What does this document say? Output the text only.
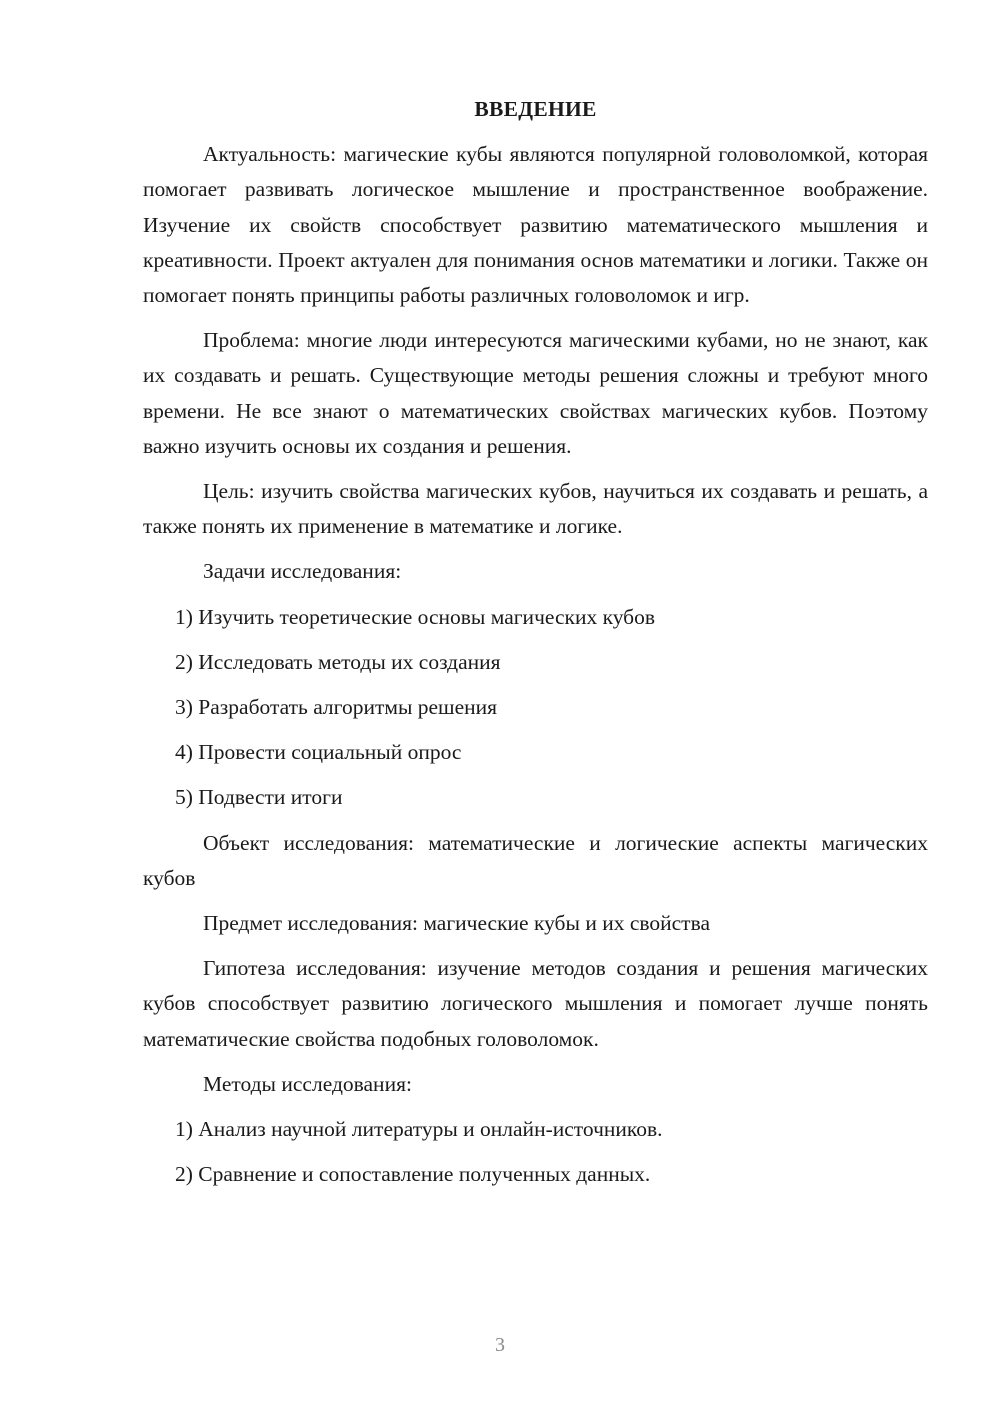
ВВЕДЕНИЕ

Актуальность: магические кубы являются популярной головоломкой, которая помогает развивать логическое мышление и пространственное воображение. Изучение их свойств способствует развитию математического мышления и креативности. Проект актуален для понимания основ математики и логики. Также он помогает понять принципы работы различных головоломок и игр.

Проблема: многие люди интересуются магическими кубами, но не знают, как их создавать и решать. Существующие методы решения сложны и требуют много времени. Не все знают о математических свойствах магических кубов. Поэтому важно изучить основы их создания и решения.

Цель: изучить свойства магических кубов, научиться их создавать и решать, а также понять их применение в математике и логике.

Задачи исследования:

1) Изучить теоретические основы магических кубов
2) Исследовать методы их создания
3) Разработать алгоритмы решения
4) Провести социальный опрос
5) Подвести итоги

Объект исследования: математические и логические аспекты магических кубов

Предмет исследования: магические кубы и их свойства

Гипотеза исследования: изучение методов создания и решения магических кубов способствует развитию логического мышления и помогает лучше понять математические свойства подобных головоломок.

Методы исследования:

1) Анализ научной литературы и онлайн-источников.
2) Сравнение и сопоставление полученных данных.
3
